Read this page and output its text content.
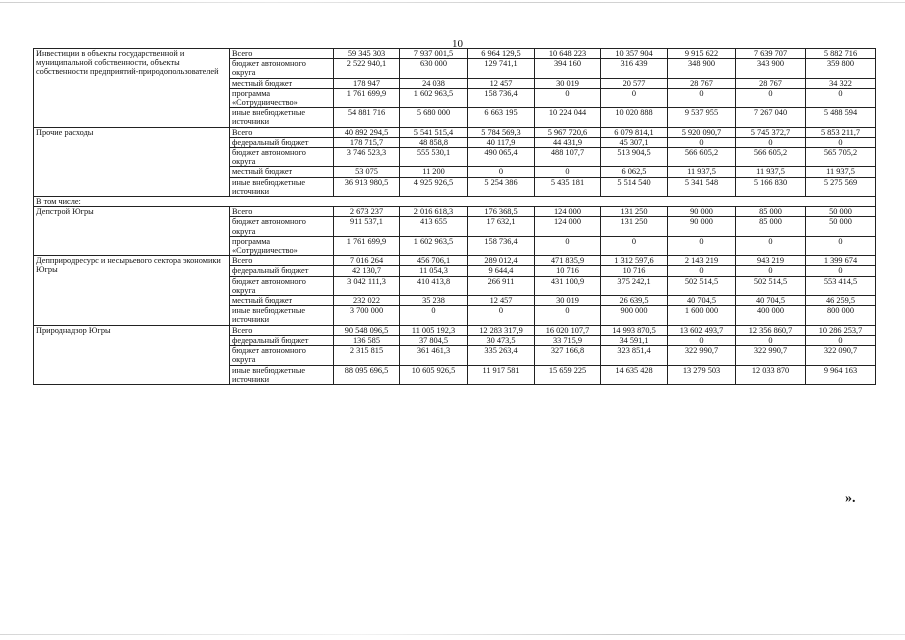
10
Инвестиции в объекты государственной и муниципальной собственности, объекты собственности предприятий-природопользователей	Всего	59 345 303	7 937 001,5	6 964 129,5	10 648 223	10 357 904	9 915 622	7 639 707	5 882 716
	бюджет автономного округа	2 522 940,1	630 000	129 741,1	394 160	316 439	348 900	343 900	359 800
	местный бюджет	178 947	24 038	12 457	30 019	20 577	28 767	28 767	34 322
	программа «Сотрудничество»	1 761 699,9	1 602 963,5	158 736,4	0	0	0	0	0
	иные внебюджетные источники	54 881 716	5 680 000	6 663 195	10 224 044	10 020 888	9 537 955	7 267 040	5 488 594
Прочие расходы	Всего	40 892 294,5	5 541 515,4	5 784 569,3	5 967 720,6	6 079 814,1	5 920 090,7	5 745 372,7	5 853 211,7
	федеральный бюджет	178 715,7	48 858,8	40 117,9	44 431,9	45 307,1	0	0	0
	бюджет автономного округа	3 746 523,3	555 530,1	490 065,4	488 107,7	513 904,5	566 605,2	566 605,2	565 705,2
	местный бюджет	53 075	11 200	0	0	6 062,5	11 937,5	11 937,5	11 937,5
	иные внебюджетные источники	36 913 980,5	4 925 926,5	5 254 386	5 435 181	5 514 540	5 341 548	5 166 830	5 275 569
В том числе:									
Депстрой Югры	Всего	2 673 237	2 016 618,3	176 368,5	124 000	131 250	90 000	85 000	50 000
	бюджет автономного округа	911 537,1	413 655	17 632,1	124 000	131 250	90 000	85 000	50 000
	программа «Сотрудничество»	1 761 699,9	1 602 963,5	158 736,4	0	0	0	0	0
Депприродресурс и несырьевого сектора экономики Югры	Всего	7 016 264	456 706,1	289 012,4	471 835,9	1 312 597,6	2 143 219	943 219	1 399 674
	федеральный бюджет	42 130,7	11 054,3	9 644,4	10 716	10 716	0	0	0
	бюджет автономного округа	3 042 111,3	410 413,8	266 911	431 100,9	375 242,1	502 514,5	502 514,5	553 414,5
	местный бюджет	232 022	35 238	12 457	30 019	26 639,5	40 704,5	40 704,5	46 259,5
	иные внебюджетные источники	3 700 000	0	0	0	900 000	1 600 000	400 000	800 000
Природнадзор Югры	Всего	90 548 096,5	11 005 192,3	12 283 317,9	16 020 107,7	14 993 870,5	13 602 493,7	12 356 860,7	10 286 253,7
	федеральный бюджет	136 585	37 804,5	30 473,5	33 715,9	34 591,1	0	0	0
	бюджет автономного округа	2 315 815	361 461,3	335 263,4	327 166,8	323 851,4	322 990,7	322 990,7	322 090,7
	иные внебюджетные источники	88 095 696,5	10 605 926,5	11 917 581	15 659 225	14 635 428	13 279 503	12 033 870	9 964 163
».
